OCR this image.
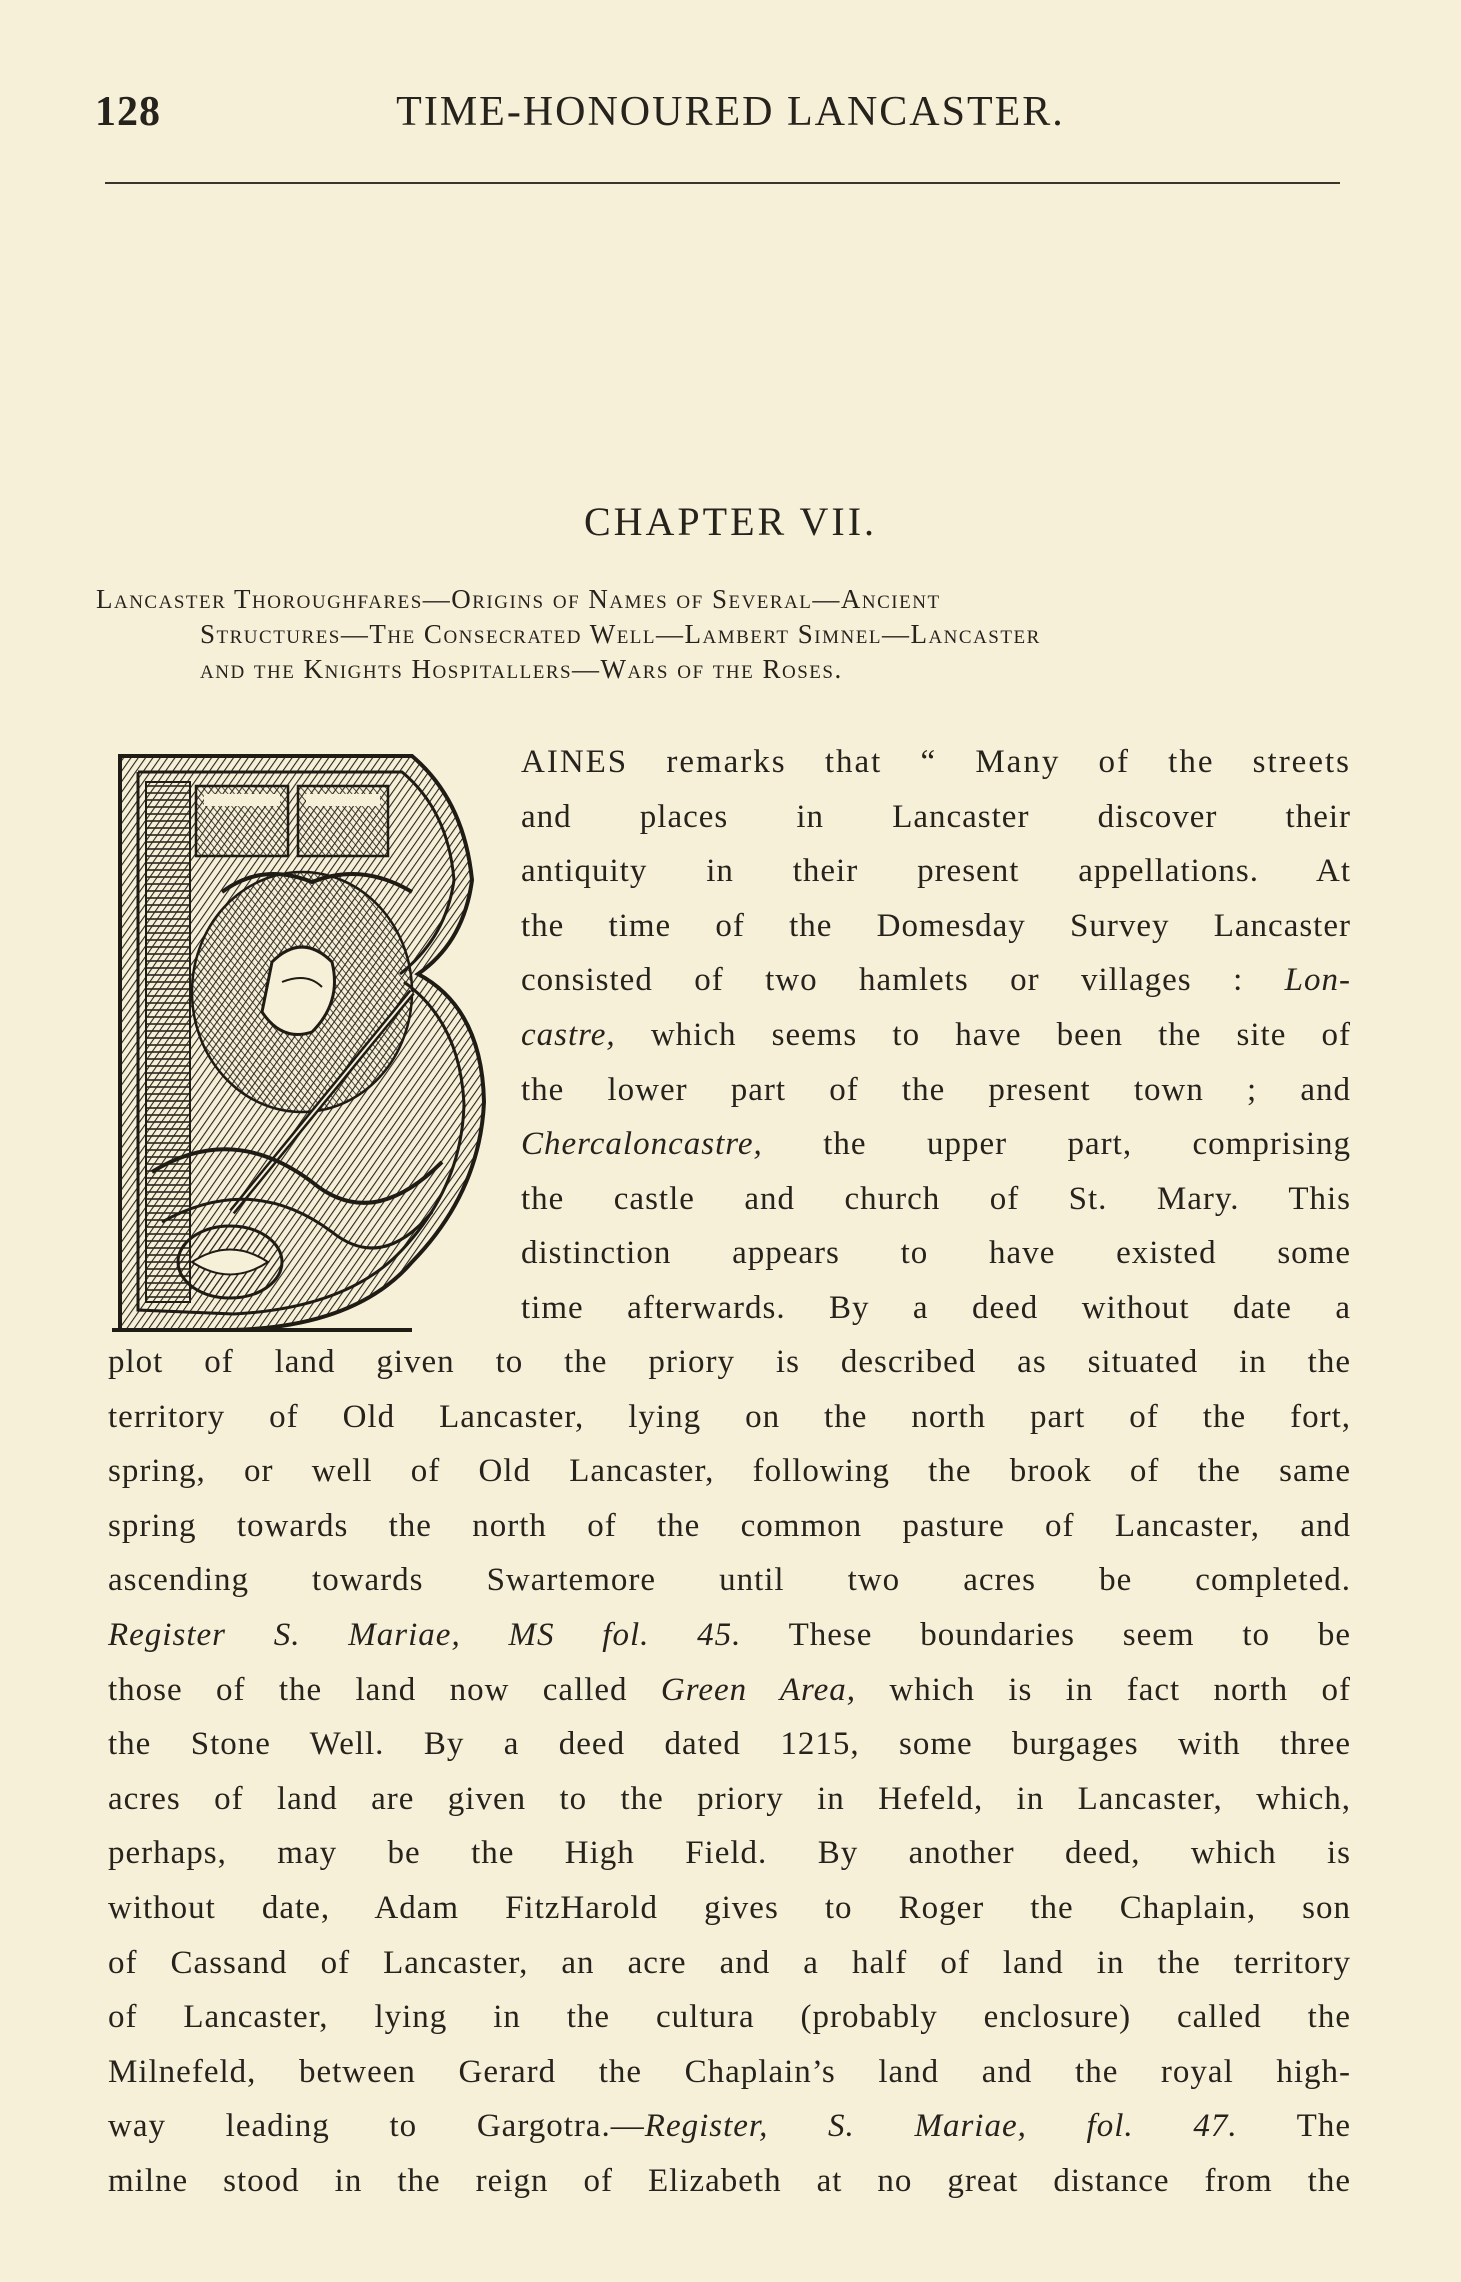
128	TIME-HONOURED LANCASTER.
CHAPTER VII.
Lancaster Thoroughfares—Origins of Names of Several—Ancient
Structures—The Consecrated Well—Lambert Simnel—Lancaster
and the Knights Hospitallers—Wars of the Roses.
AINES remarks that “ Many of the streets
and places in Lancaster discover their
antiquity in their present appellations. At
the time of the Domesday Survey Lancaster
consisted of two hamlets or villages : Lon-
castre, which seems to have been the site of
the lower part of the present town ; and
Chercaloncastre, the upper part, comprising
the castle and church of St. Mary. This
distinction appears to have existed some
time afterwards. By a deed without date a
plot of land given to the priory is described as situated in the
territory of Old Lancaster, lying on the north part of the fort,
spring, or well of Old Lancaster, following the brook of the same
spring towards the north of the common pasture of Lancaster, and
ascending towards Swartemore until two acres be completed.
Register S. Mariae, MS fol. 45. These boundaries seem to be
those of the land now called Green Area, which is in fact north of
the Stone Well. By a deed dated 1215, some burgages with three
acres of land are given to the priory in Hefeld, in Lancaster, which,
perhaps, may be the High Field. By another deed, which is
without date, Adam FitzHarold gives to Roger the Chaplain, son
of Cassand of Lancaster, an acre and a half of land in the territory
of Lancaster, lying in the cultura (probably enclosure) called the
Milnefeld, between Gerard the Chaplain’s land and the royal high-
way leading to Gargotra.—Register, S. Mariae, fol. 47. The
milne stood in the reign of Elizabeth at no great distance from the
